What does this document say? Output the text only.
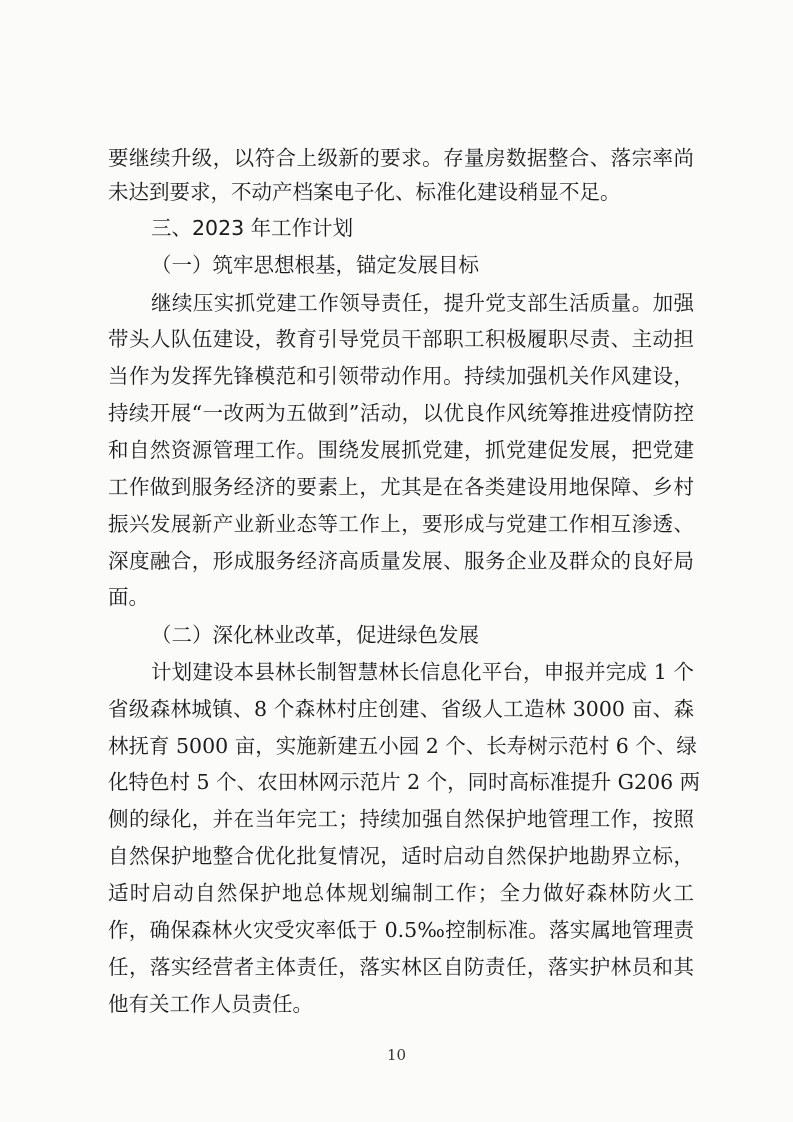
要继续升级，以符合上级新的要求。存量房数据整合、落宗率尚
未达到要求，不动产档案电子化、标准化建设稍显不足。
三、2023 年工作计划
（一）筑牢思想根基，锚定发展目标
继续压实抓党建工作领导责任，提升党支部生活质量。加强
带头人队伍建设，教育引导党员干部职工积极履职尽责、主动担
当作为发挥先锋模范和引领带动作用。持续加强机关作风建设，
持续开展“一改两为五做到”活动，以优良作风统筹推进疫情防控
和自然资源管理工作。围绕发展抓党建，抓党建促发展，把党建
工作做到服务经济的要素上，尤其是在各类建设用地保障、乡村
振兴发展新产业新业态等工作上，要形成与党建工作相互渗透、
深度融合，形成服务经济高质量发展、服务企业及群众的良好局
面。
（二）深化林业改革，促进绿色发展
计划建设本县林长制智慧林长信息化平台，申报并完成 1 个
省级森林城镇、8 个森林村庄创建、省级人工造林 3000 亩、森
林抚育 5000 亩，实施新建五小园 2 个、长寿树示范村 6 个、绿
化特色村 5 个、农田林网示范片 2 个，同时高标准提升 G206 两
侧的绿化，并在当年完工；持续加强自然保护地管理工作，按照
自然保护地整合优化批复情况，适时启动自然保护地勘界立标，
适时启动自然保护地总体规划编制工作；全力做好森林防火工
作，确保森林火灾受灾率低于 0.5‰控制标准。落实属地管理责
任，落实经营者主体责任，落实林区自防责任，落实护林员和其
他有关工作人员责任。
10
